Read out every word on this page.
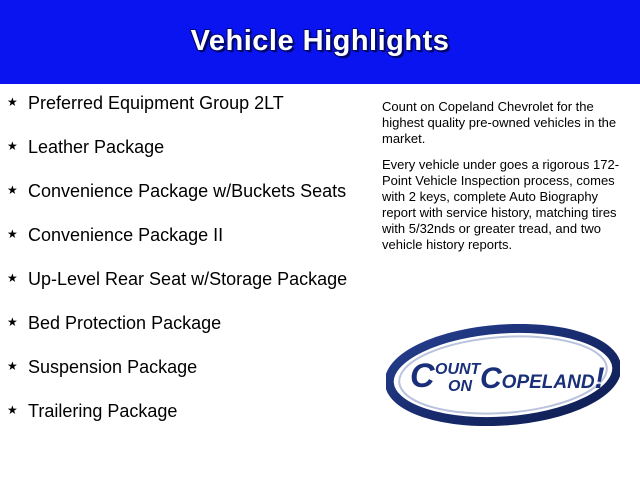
Vehicle Highlights
★ Preferred Equipment Group 2LT
★ Leather Package
★ Convenience Package w/Buckets Seats
★ Convenience Package II
★ Up-Level Rear Seat w/Storage Package
★ Bed Protection Package
★ Suspension Package
★ Trailering Package

Count on Copeland Chevrolet for the highest quality pre-owned vehicles in the market.

Every vehicle under goes a rigorous 172-Point Vehicle Inspection process, comes with 2 keys, complete Auto Biography report with service history, matching tires with 5/32nds or greater tread, and two vehicle history reports.

C OUNT
ON COPELAND!
